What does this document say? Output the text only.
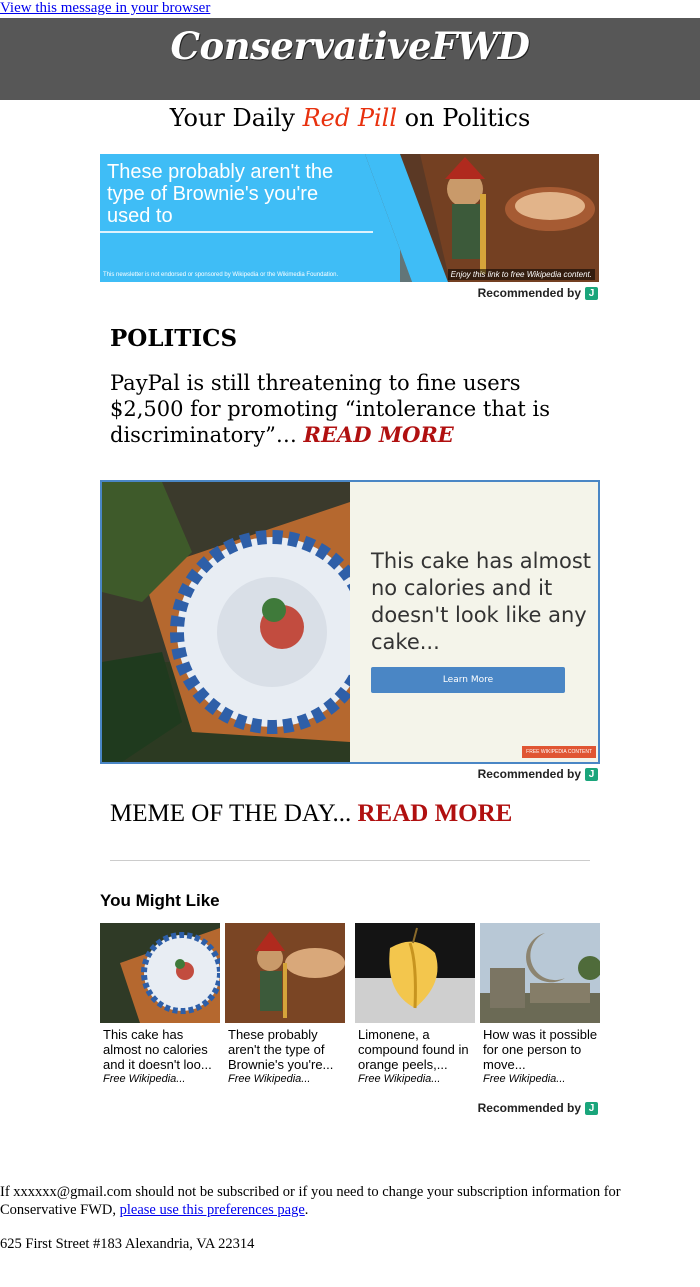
View this message in your browser
ConservativeFWD
Your Daily Red Pill on Politics
These probably aren't the type of Brownie's you're used to
This newsletter is not endorsed or sponsored by Wikipedia or the Wikimedia Foundation.	Enjoy this link to free Wikipedia content.
Recommended by J
POLITICS
PayPal is still threatening to fine users $2,500 for promoting “intolerance that is discriminatory”… READ MORE
This cake has almost no calories and it doesn't look like any cake...
Learn More
FREE WIKIPEDIA CONTENT
Recommended by J
MEME OF THE DAY... READ MORE
You Might Like
This cake has almost no calories and it doesn't loo...
Free Wikipedia...
These probably aren't the type of Brownie's you're...
Free Wikipedia...
Limonene, a compound found in orange peels,...
Free Wikipedia...
How was it possible for one person to move...
Free Wikipedia...
Recommended by J
If xxxxxx@gmail.com should not be subscribed or if you need to change your subscription information for Conservative FWD, please use this preferences page.
625 First Street #183 Alexandria, VA 22314
